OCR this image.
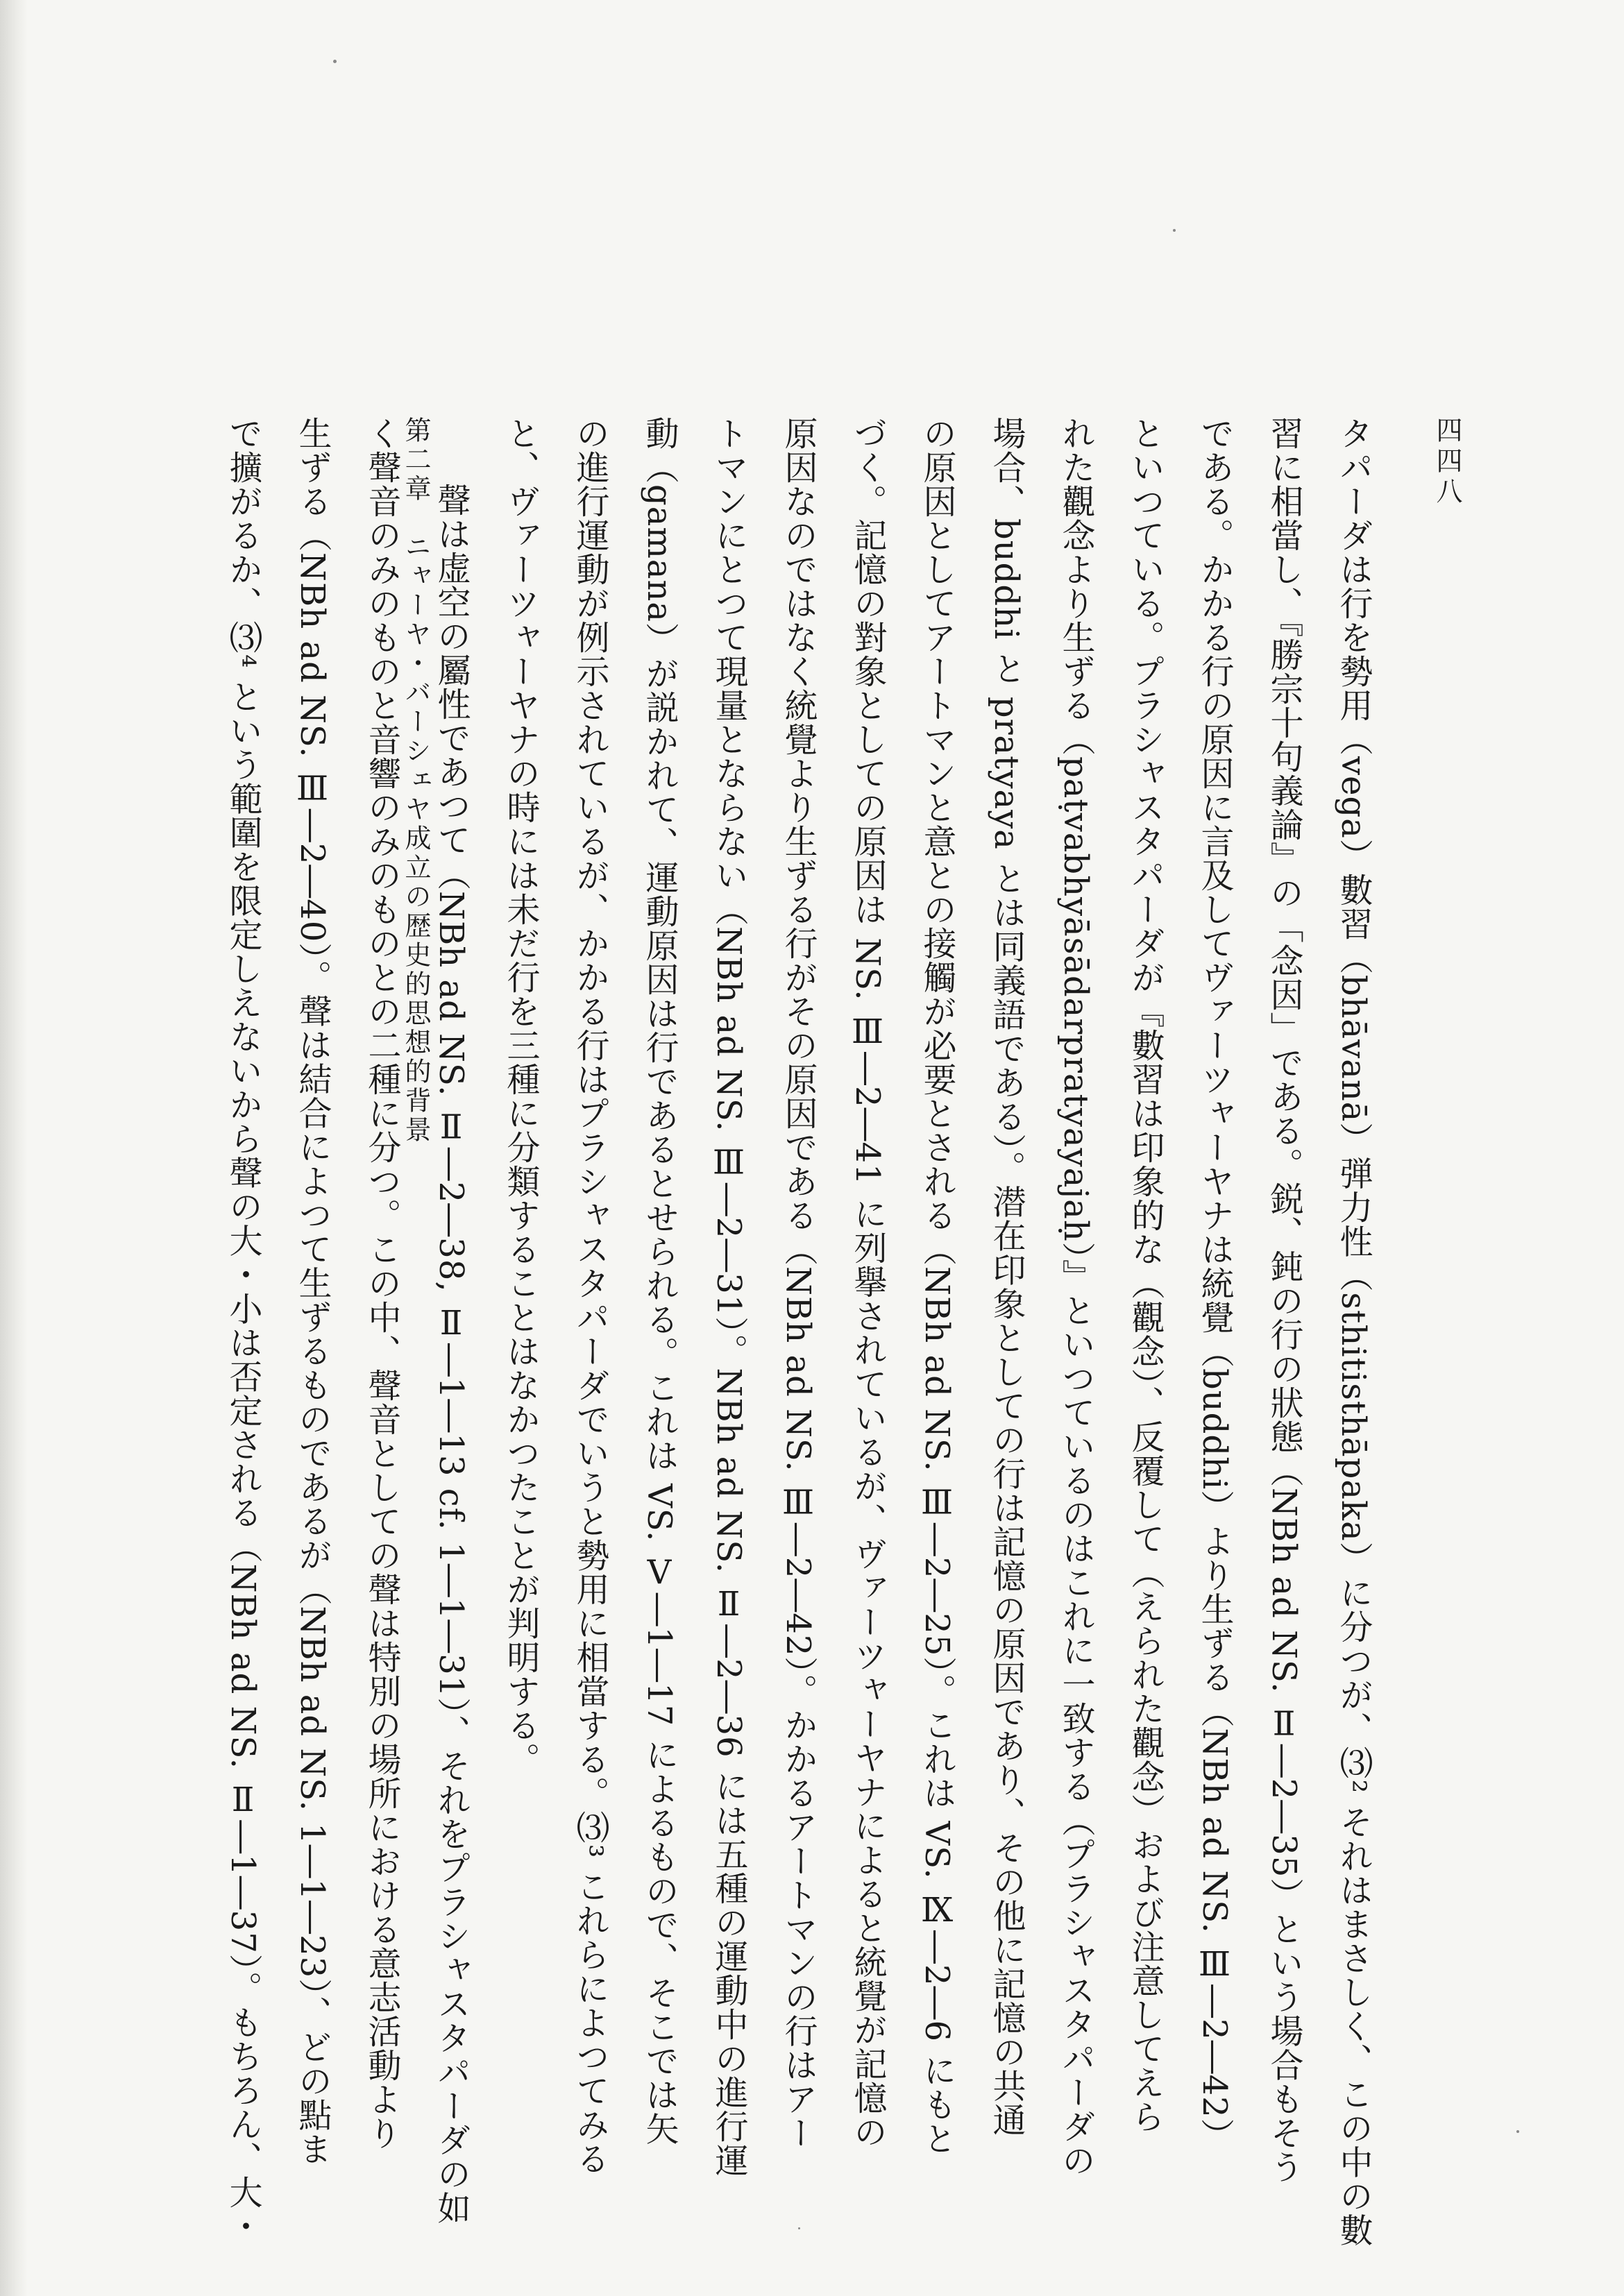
四四八
第二章　ニャーヤ・バーシェヤ成立の歴史的思想的背景	タパーダは行を勢用（vega）數習（bhāvanā）弾力性（sthitisthāpaka）に分つが、⑶² それはまさしく、この中の數
習に相當し、『勝宗十句義論』の「念因」である。鋭、鈍の行の狀態（NBh ad NS. Ⅱ―2―35）という場合もそう
である。かかる行の原因に言及してヴァーツャーヤナは統覺（buddhi）より生ずる（NBh ad NS. Ⅲ―2―42）
といつている。プラシャスタパーダが『數習は印象的な（觀念）、反覆して（えられた觀念）および注意してえら
れた觀念より生ずる（paṭvabhyāsādarpratyayajaḥ）』といつているのはこれに一致する（プラシャスタパーダの
場合、buddhi と pratyaya とは同義語である）。潜在印象としての行は記憶の原因であり、その他に記憶の共通
の原因としてアートマンと意との接觸が必要とされる（NBh ad NS. Ⅲ―2―25）。これは VS. Ⅸ―2―6 にもと
づく。記憶の對象としての原因は NS. Ⅲ―2―41 に列擧されているが、ヴァーツャーヤナによると統覺が記憶の
原因なのではなく統覺より生ずる行がその原因である（NBh ad NS. Ⅲ―2―42）。かかるアートマンの行はアー
トマンにとつて現量とならない（NBh ad NS. Ⅲ―2―31）。NBh ad NS. Ⅱ―2―36 には五種の運動中の進行運
動（gamana）が説かれて、運動原因は行であるとせられる。これは VS. Ⅴ―1―17 によるもので、そこでは矢
の進行運動が例示されているが、かかる行はプラシャスタパーダでいうと勢用に相當する。⑶³ これらによつてみる
と、ヴァーツャーヤナの時には未だ行を三種に分類することはなかつたことが判明する。
聲は虚空の屬性であつて（NBh ad NS. Ⅱ―2―38, Ⅱ―1―13 cf. 1―1―31）、それをプラシャスタパーダの如
く聲音のみのものと音響のみのものとの二種に分つ。この中、聲音としての聲は特別の場所における意志活動より
生ずる（NBh ad NS. Ⅲ―2―40）。聲は結合によつて生ずるものであるが（NBh ad NS. 1―1―23）、どの點ま
で擴がるか、⑶⁴ という範圍を限定しえないから聲の大・小は否定される（NBh ad NS. Ⅱ―1―37）。もちろん、大・
